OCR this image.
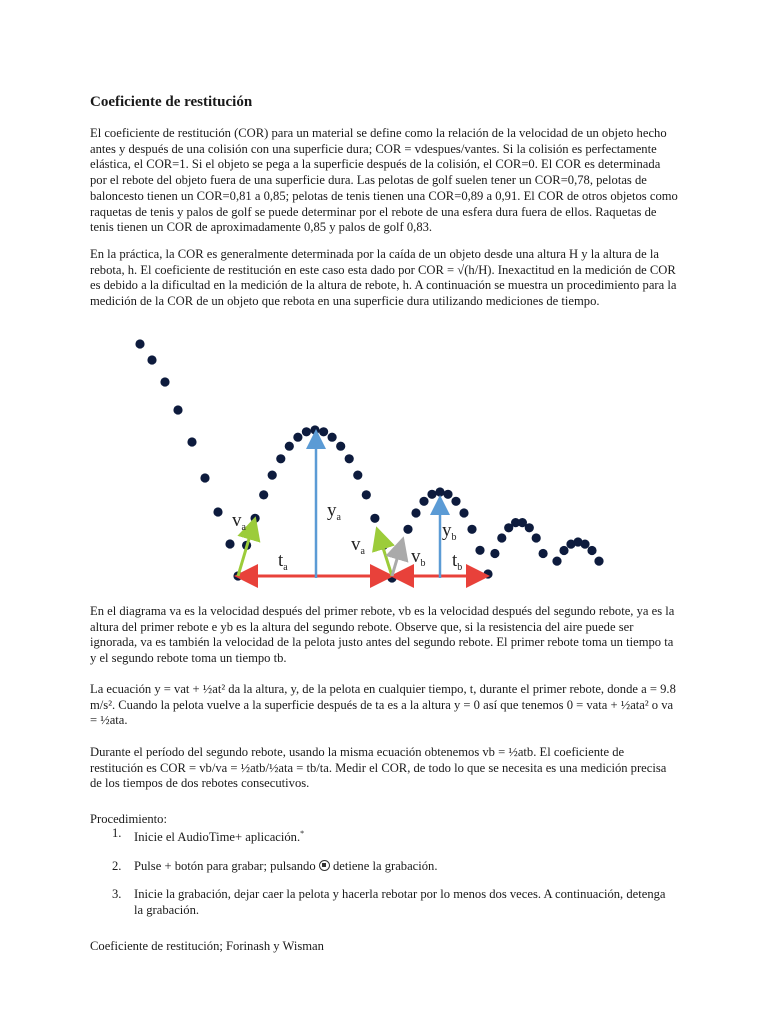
Coeficiente de restitución

El coeficiente de restitución (COR) para un material se define como la relación de la velocidad de un objeto hecho antes y después de una colisión con una superficie dura; COR = vdespues/vantes. Si la colisión es perfectamente elástica, el COR=1. Si el objeto se pega a la superficie después de la colisión, el COR=0. El COR es determinada por el rebote del objeto fuera de una superficie dura. Las pelotas de golf suelen tener un COR=0,78, pelotas de baloncesto tienen un COR=0,81 a 0,85; pelotas de tenis tienen una COR=0,89 a 0,91. El COR de otros objetos como raquetas de tenis y palos de golf se puede determinar por el rebote de una esfera dura fuera de ellos. Raquetas de tenis tienen un COR de aproximadamente 0,85 y palos de golf 0,83.

En la práctica, la COR es generalmente determinada por la caída de un objeto desde una altura H y la altura de la rebota, h. El coeficiente de restitución en este caso esta dado por COR = √(h/H). Inexactitud en la medición de COR es debido a la dificultad en la medición de la altura de rebote, h. A continuación se muestra un procedimiento para la medición de la COR de un objeto que rebota en una superficie dura utilizando mediciones de tiempo.

$v_a$
$y_a$
$t_a$
$v_a$ $v_b$
$y_b$
$t_b$

En el diagrama va es la velocidad después del primer rebote, vb es la velocidad después del segundo rebote, ya es la altura del primer rebote e yb es la altura del segundo rebote. Observe que, si la resistencia del aire puede ser ignorada, va es también la velocidad de la pelota justo antes del segundo rebote. El primer rebote toma un tiempo ta y el segundo rebote toma un tiempo tb.

La ecuación y = vat + ½at² da la altura, y, de la pelota en cualquier tiempo, t, durante el primer rebote, donde a = 9.8 m/s². Cuando la pelota vuelve a la superficie después de ta es a la altura y = 0 así que tenemos 0 = vata + ½ata² o va = ½ata.

Durante el período del segundo rebote, usando la misma ecuación obtenemos vb = ½atb. El coeficiente de restitución es COR = vb/va = ½atb/½ata = tb/ta. Medir el COR, de todo lo que se necesita es una medición precisa de los tiempos de dos rebotes consecutivos.

Procedimiento:
1. Inicie el AudioTime+ aplicación.*
2. Pulse + botón para grabar; pulsando detiene la grabación.
3. Inicie la grabación, dejar caer la pelota y hacerla rebotar por lo menos dos veces. A continuación, detenga la grabación.
Coeficiente de restitución; Forinash y Wisman
